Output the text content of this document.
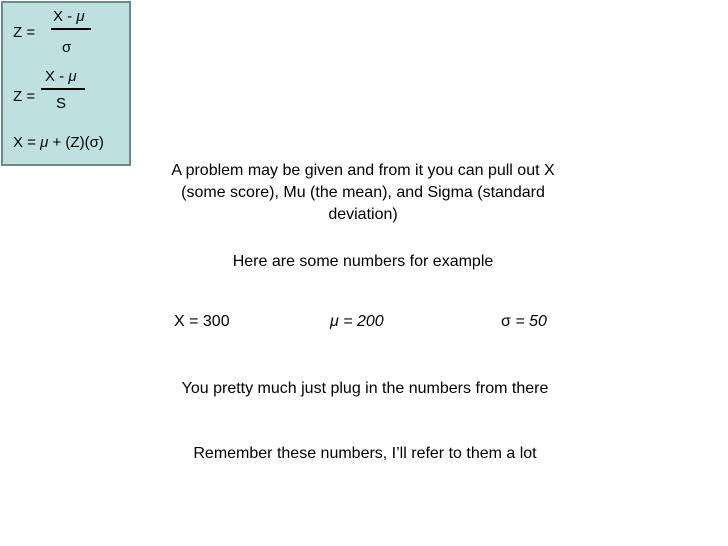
X - μ
Z =
σ
X - μ
Z = S
X = μ + (Z)(σ)
A problem may be given and from it you can pull out X (some score), Mu (the mean), and Sigma (standard deviation)
Here are some numbers for example
X = 300	μ = 200	σ = 50
You pretty much just plug in the numbers from there
Remember these numbers, I’ll refer to them a lot
